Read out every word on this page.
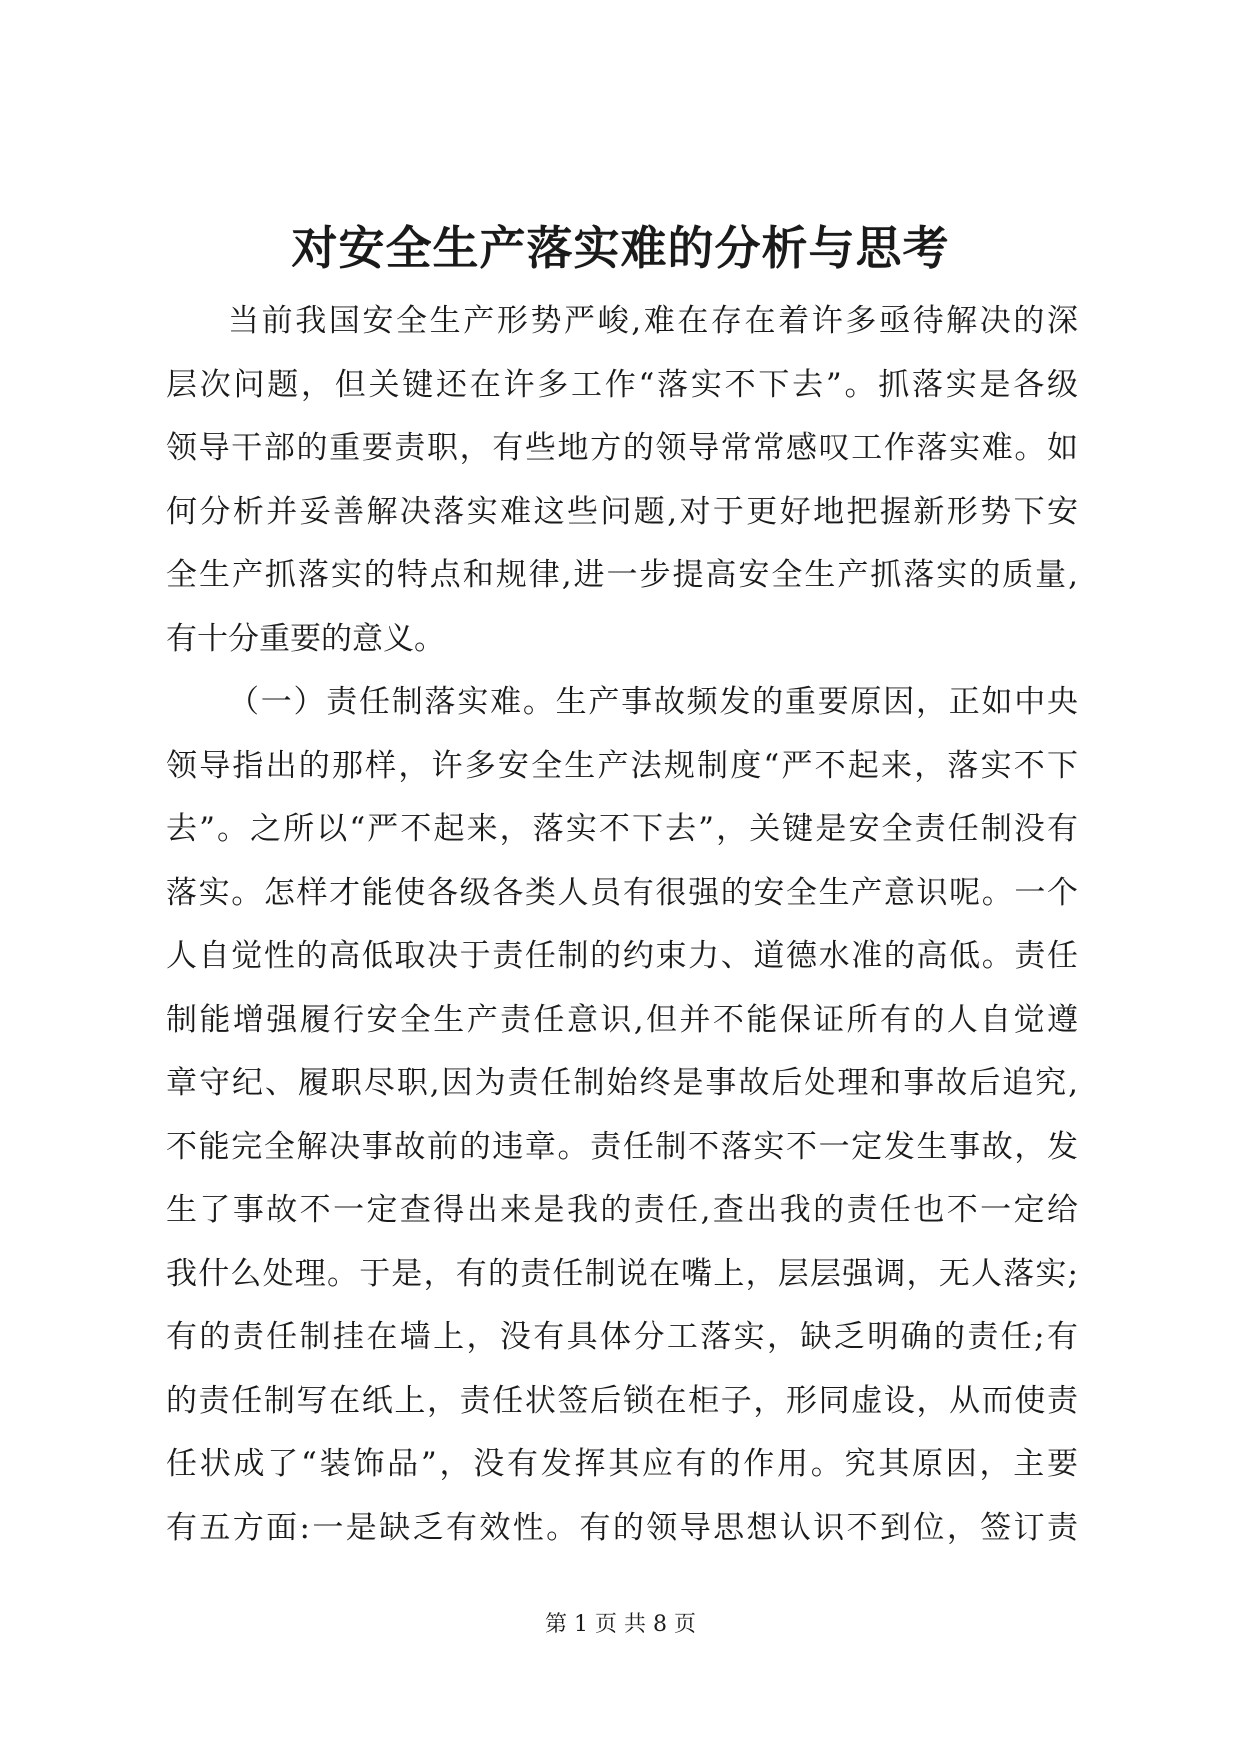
对安全生产落实难的分析与思考
当前我国安全生产形势严峻,难在存在着许多亟待解决的深
层次问题，但关键还在许多工作“落实不下去”。抓落实是各级
领导干部的重要责职，有些地方的领导常常感叹工作落实难。如
何分析并妥善解决落实难这些问题,对于更好地把握新形势下安
全生产抓落实的特点和规律,进一步提高安全生产抓落实的质量,
有十分重要的意义。
（一）责任制落实难。生产事故频发的重要原因，正如中央
领导指出的那样，许多安全生产法规制度“严不起来，落实不下
去”。之所以“严不起来，落实不下去”，关键是安全责任制没有
落实。怎样才能使各级各类人员有很强的安全生产意识呢。一个
人自觉性的高低取决于责任制的约束力、道德水准的高低。责任
制能增强履行安全生产责任意识,但并不能保证所有的人自觉遵
章守纪、履职尽职,因为责任制始终是事故后处理和事故后追究,
不能完全解决事故前的违章。责任制不落实不一定发生事故，发
生了事故不一定查得出来是我的责任,查出我的责任也不一定给
我什么处理。于是，有的责任制说在嘴上，层层强调，无人落实;
有的责任制挂在墙上，没有具体分工落实，缺乏明确的责任;有
的责任制写在纸上，责任状签后锁在柜子，形同虚设，从而使责
任状成了“装饰品”，没有发挥其应有的作用。究其原因，主要
有五方面:一是缺乏有效性。有的领导思想认识不到位，签订责
第 1 页 共 8 页
